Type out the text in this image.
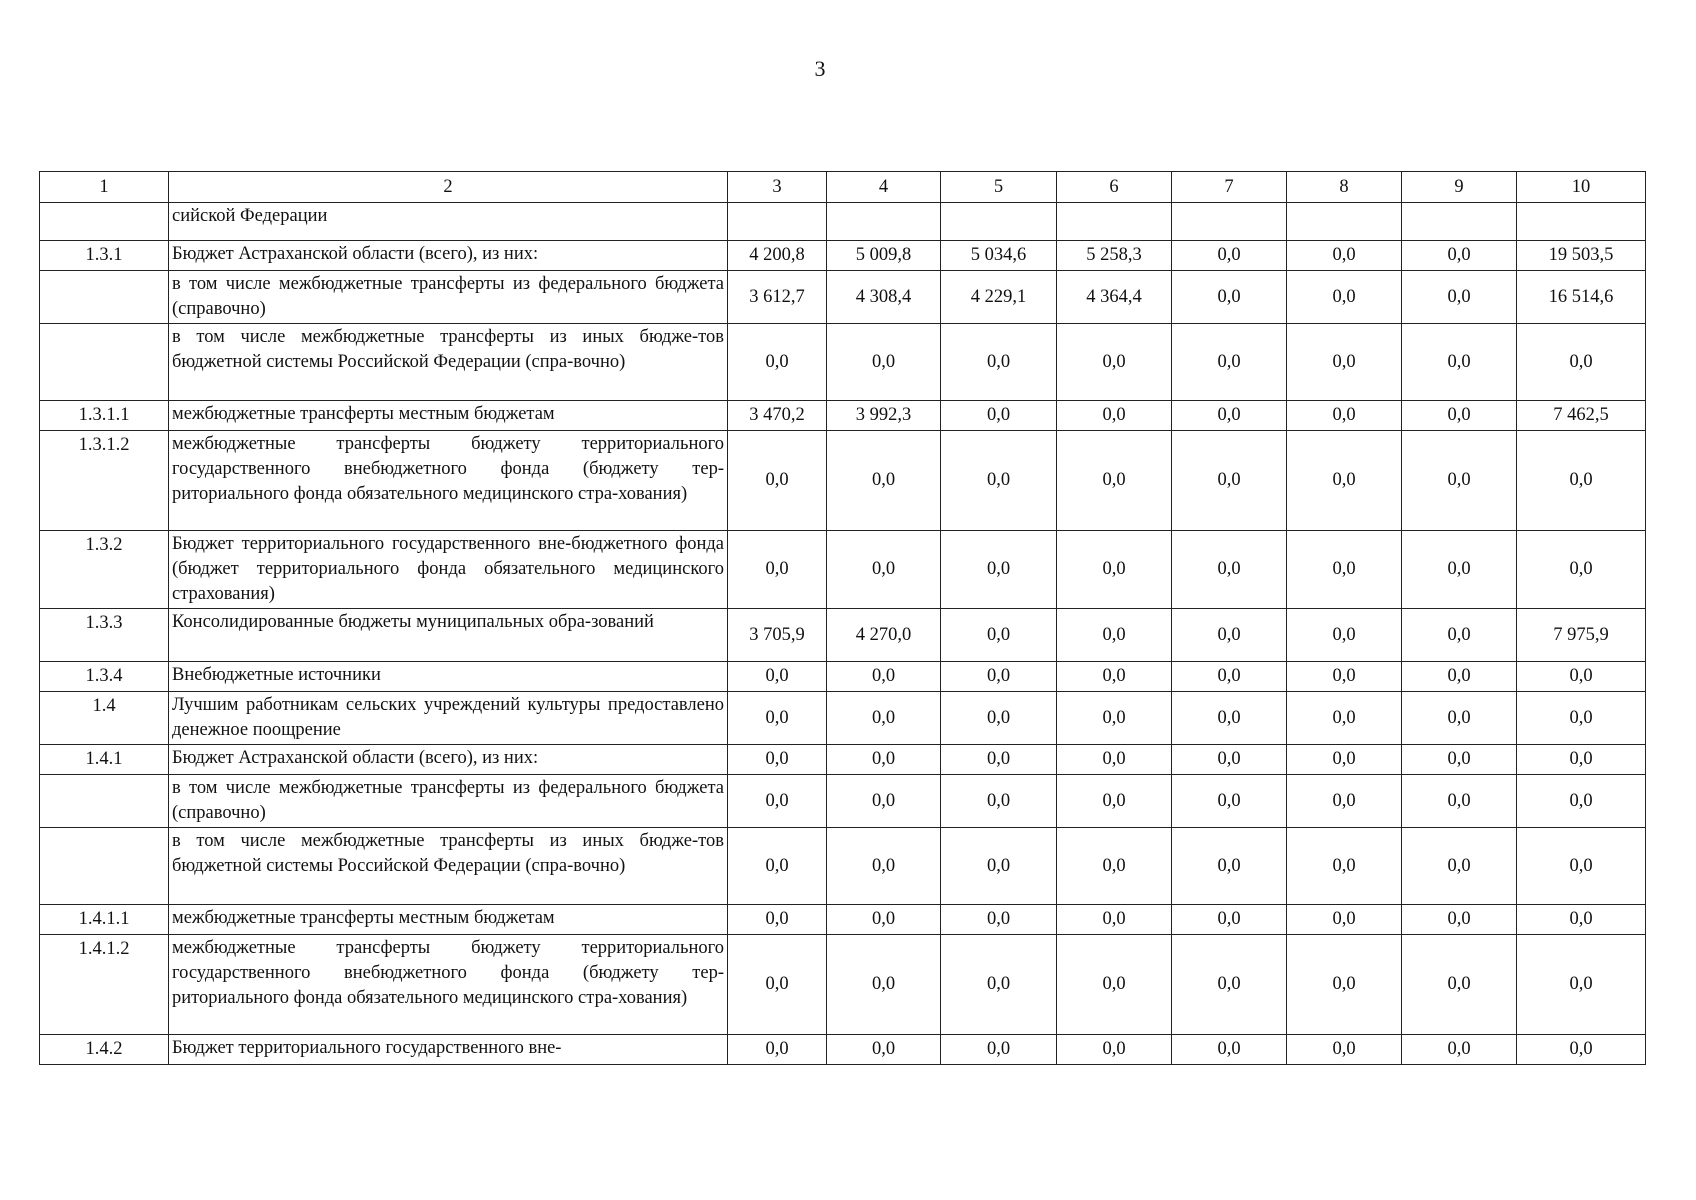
3
1	2	3	4	5	6	7	8	9	10
	сийской Федерации								
1.3.1	Бюджет Астраханской области (всего), из них:	4 200,8	5 009,8	5 034,6	5 258,3	0,0	0,0	0,0	19 503,5
	в том числе межбюджетные трансферты из федерального бюджета (справочно)	3 612,7	4 308,4	4 229,1	4 364,4	0,0	0,0	0,0	16 514,6
	в том числе межбюджетные трансферты из иных бюдже-тов бюджетной системы Российской Федерации (спра-вочно)	0,0	0,0	0,0	0,0	0,0	0,0	0,0	0,0
1.3.1.1	межбюджетные трансферты местным бюджетам	3 470,2	3 992,3	0,0	0,0	0,0	0,0	0,0	7 462,5
1.3.1.2	межбюджетные трансферты бюджету территориального государственного внебюджетного фонда (бюджету тер-риториального фонда обязательного медицинского стра-хования)	0,0	0,0	0,0	0,0	0,0	0,0	0,0	0,0
1.3.2	Бюджет территориального государственного вне-бюджетного фонда (бюджет территориального фонда обязательного медицинского страхования)	0,0	0,0	0,0	0,0	0,0	0,0	0,0	0,0
1.3.3	Консолидированные бюджеты муниципальных обра-зований	3 705,9	4 270,0	0,0	0,0	0,0	0,0	0,0	7 975,9
1.3.4	Внебюджетные источники	0,0	0,0	0,0	0,0	0,0	0,0	0,0	0,0
1.4	Лучшим работникам сельских учреждений культуры предоставлено денежное поощрение	0,0	0,0	0,0	0,0	0,0	0,0	0,0	0,0
1.4.1	Бюджет Астраханской области (всего), из них:	0,0	0,0	0,0	0,0	0,0	0,0	0,0	0,0
	в том числе межбюджетные трансферты из федерального бюджета (справочно)	0,0	0,0	0,0	0,0	0,0	0,0	0,0	0,0
	в том числе межбюджетные трансферты из иных бюдже-тов бюджетной системы Российской Федерации (спра-вочно)	0,0	0,0	0,0	0,0	0,0	0,0	0,0	0,0
1.4.1.1	межбюджетные трансферты местным бюджетам	0,0	0,0	0,0	0,0	0,0	0,0	0,0	0,0
1.4.1.2	межбюджетные трансферты бюджету территориального государственного внебюджетного фонда (бюджету тер-риториального фонда обязательного медицинского стра-хования)	0,0	0,0	0,0	0,0	0,0	0,0	0,0	0,0
1.4.2	Бюджет территориального государственного вне-	0,0	0,0	0,0	0,0	0,0	0,0	0,0	0,0
